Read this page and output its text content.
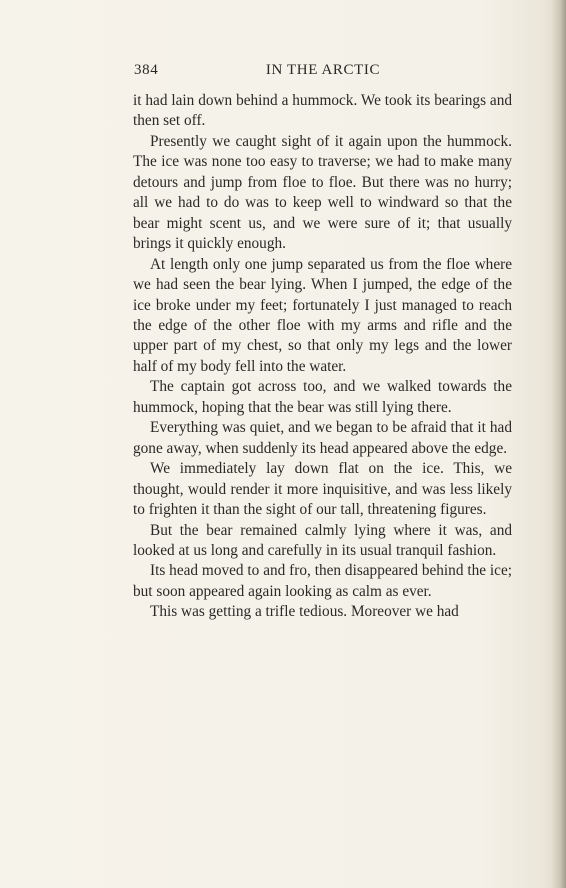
384	IN THE ARCTIC

it had lain down behind a hummock. We took its bearings and then set off.

Presently we caught sight of it again upon the hummock. The ice was none too easy to traverse; we had to make many detours and jump from floe to floe. But there was no hurry; all we had to do was to keep well to windward so that the bear might scent us, and we were sure of it; that usually brings it quickly enough.

At length only one jump separated us from the floe where we had seen the bear lying. When I jumped, the edge of the ice broke under my feet; fortunately I just managed to reach the edge of the other floe with my arms and rifle and the upper part of my chest, so that only my legs and the lower half of my body fell into the water.

The captain got across too, and we walked towards the hummock, hoping that the bear was still lying there.

Everything was quiet, and we began to be afraid that it had gone away, when suddenly its head appeared above the edge.

We immediately lay down flat on the ice. This, we thought, would render it more inquisitive, and was less likely to frighten it than the sight of our tall, threatening figures.

But the bear remained calmly lying where it was, and looked at us long and carefully in its usual tranquil fashion.

Its head moved to and fro, then disappeared behind the ice; but soon appeared again looking as calm as ever.

This was getting a trifle tedious. Moreover we had
